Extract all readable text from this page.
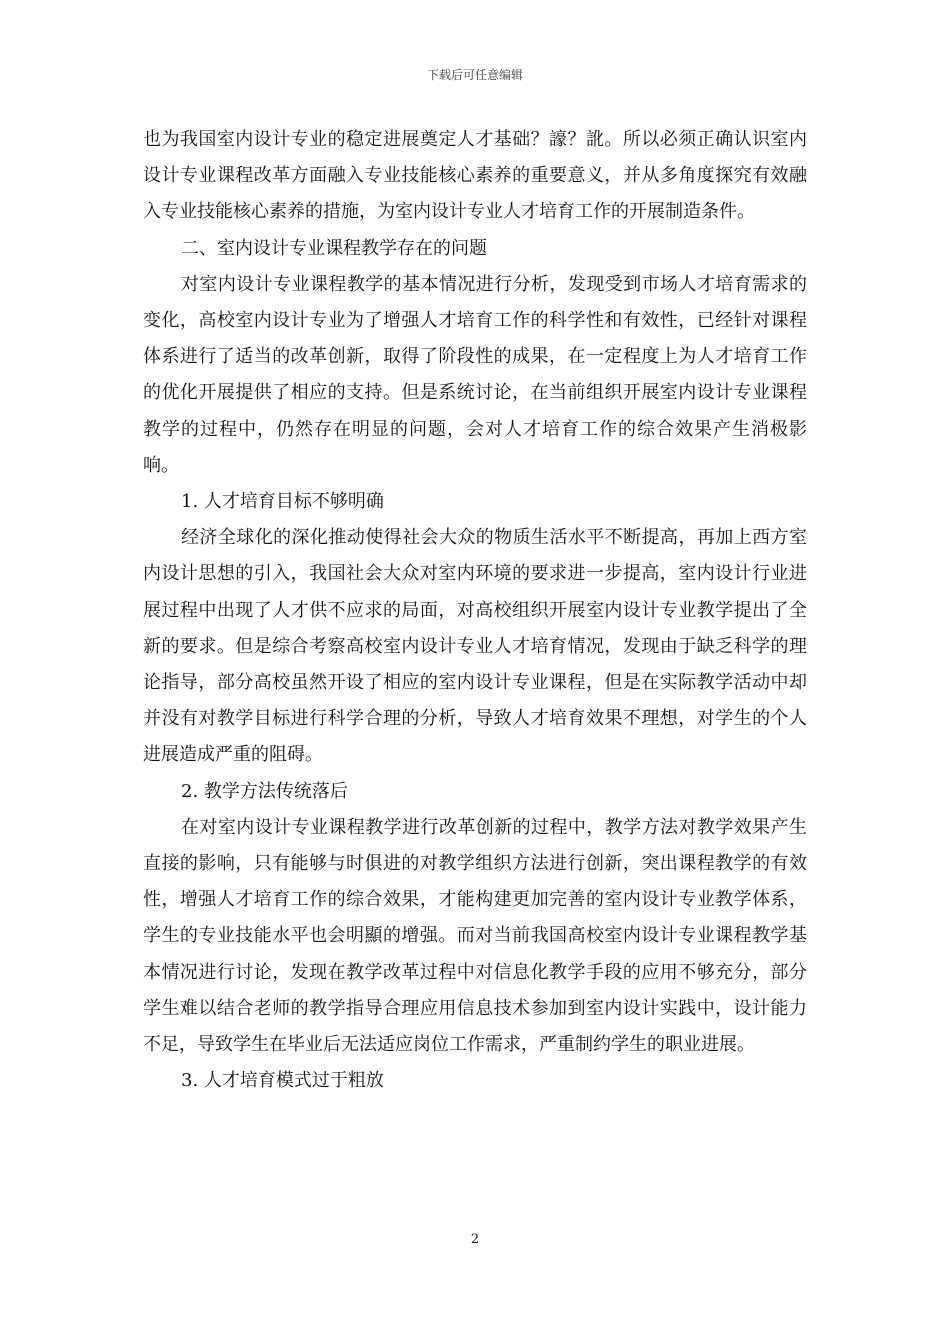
下载后可任意编辑

也为我国室内设计专业的稳定进展奠定人才基础？譹？訛。所以必须正确认识室内设计专业课程改革方面融入专业技能核心素养的重要意义，并从多角度探究有效融入专业技能核心素养的措施，为室内设计专业人才培育工作的开展制造条件。

二、室内设计专业课程教学存在的问题

对室内设计专业课程教学的基本情况进行分析，发现受到市场人才培育需求的变化，高校室内设计专业为了增强人才培育工作的科学性和有效性，已经针对课程体系进行了适当的改革创新，取得了阶段性的成果，在一定程度上为人才培育工作的优化开展提供了相应的支持。但是系统讨论，在当前组织开展室内设计专业课程教学的过程中，仍然存在明显的问题，会对人才培育工作的综合效果产生消极影响。

1. 人才培育目标不够明确

经济全球化的深化推动使得社会大众的物质生活水平不断提高，再加上西方室内设计思想的引入，我国社会大众对室内环境的要求进一步提高，室内设计行业进展过程中出现了人才供不应求的局面，对高校组织开展室内设计专业教学提出了全新的要求。但是综合考察高校室内设计专业人才培育情况，发现由于缺乏科学的理论指导，部分高校虽然开设了相应的室内设计专业课程，但是在实际教学活动中却并没有对教学目标进行科学合理的分析，导致人才培育效果不理想，对学生的个人进展造成严重的阻碍。

2. 教学方法传统落后

在对室内设计专业课程教学进行改革创新的过程中，教学方法对教学效果产生直接的影响，只有能够与时俱进的对教学组织方法进行创新，突出课程教学的有效性，增强人才培育工作的综合效果，才能构建更加完善的室内设计专业教学体系，学生的专业技能水平也会明顯的增强。而对当前我国高校室内设计专业课程教学基本情况进行讨论，发现在教学改革过程中对信息化教学手段的应用不够充分，部分学生难以结合老师的教学指导合理应用信息技术参加到室内设计实践中，设计能力不足，导致学生在毕业后无法适应岗位工作需求，严重制约学生的职业进展。

3. 人才培育模式过于粗放

2
